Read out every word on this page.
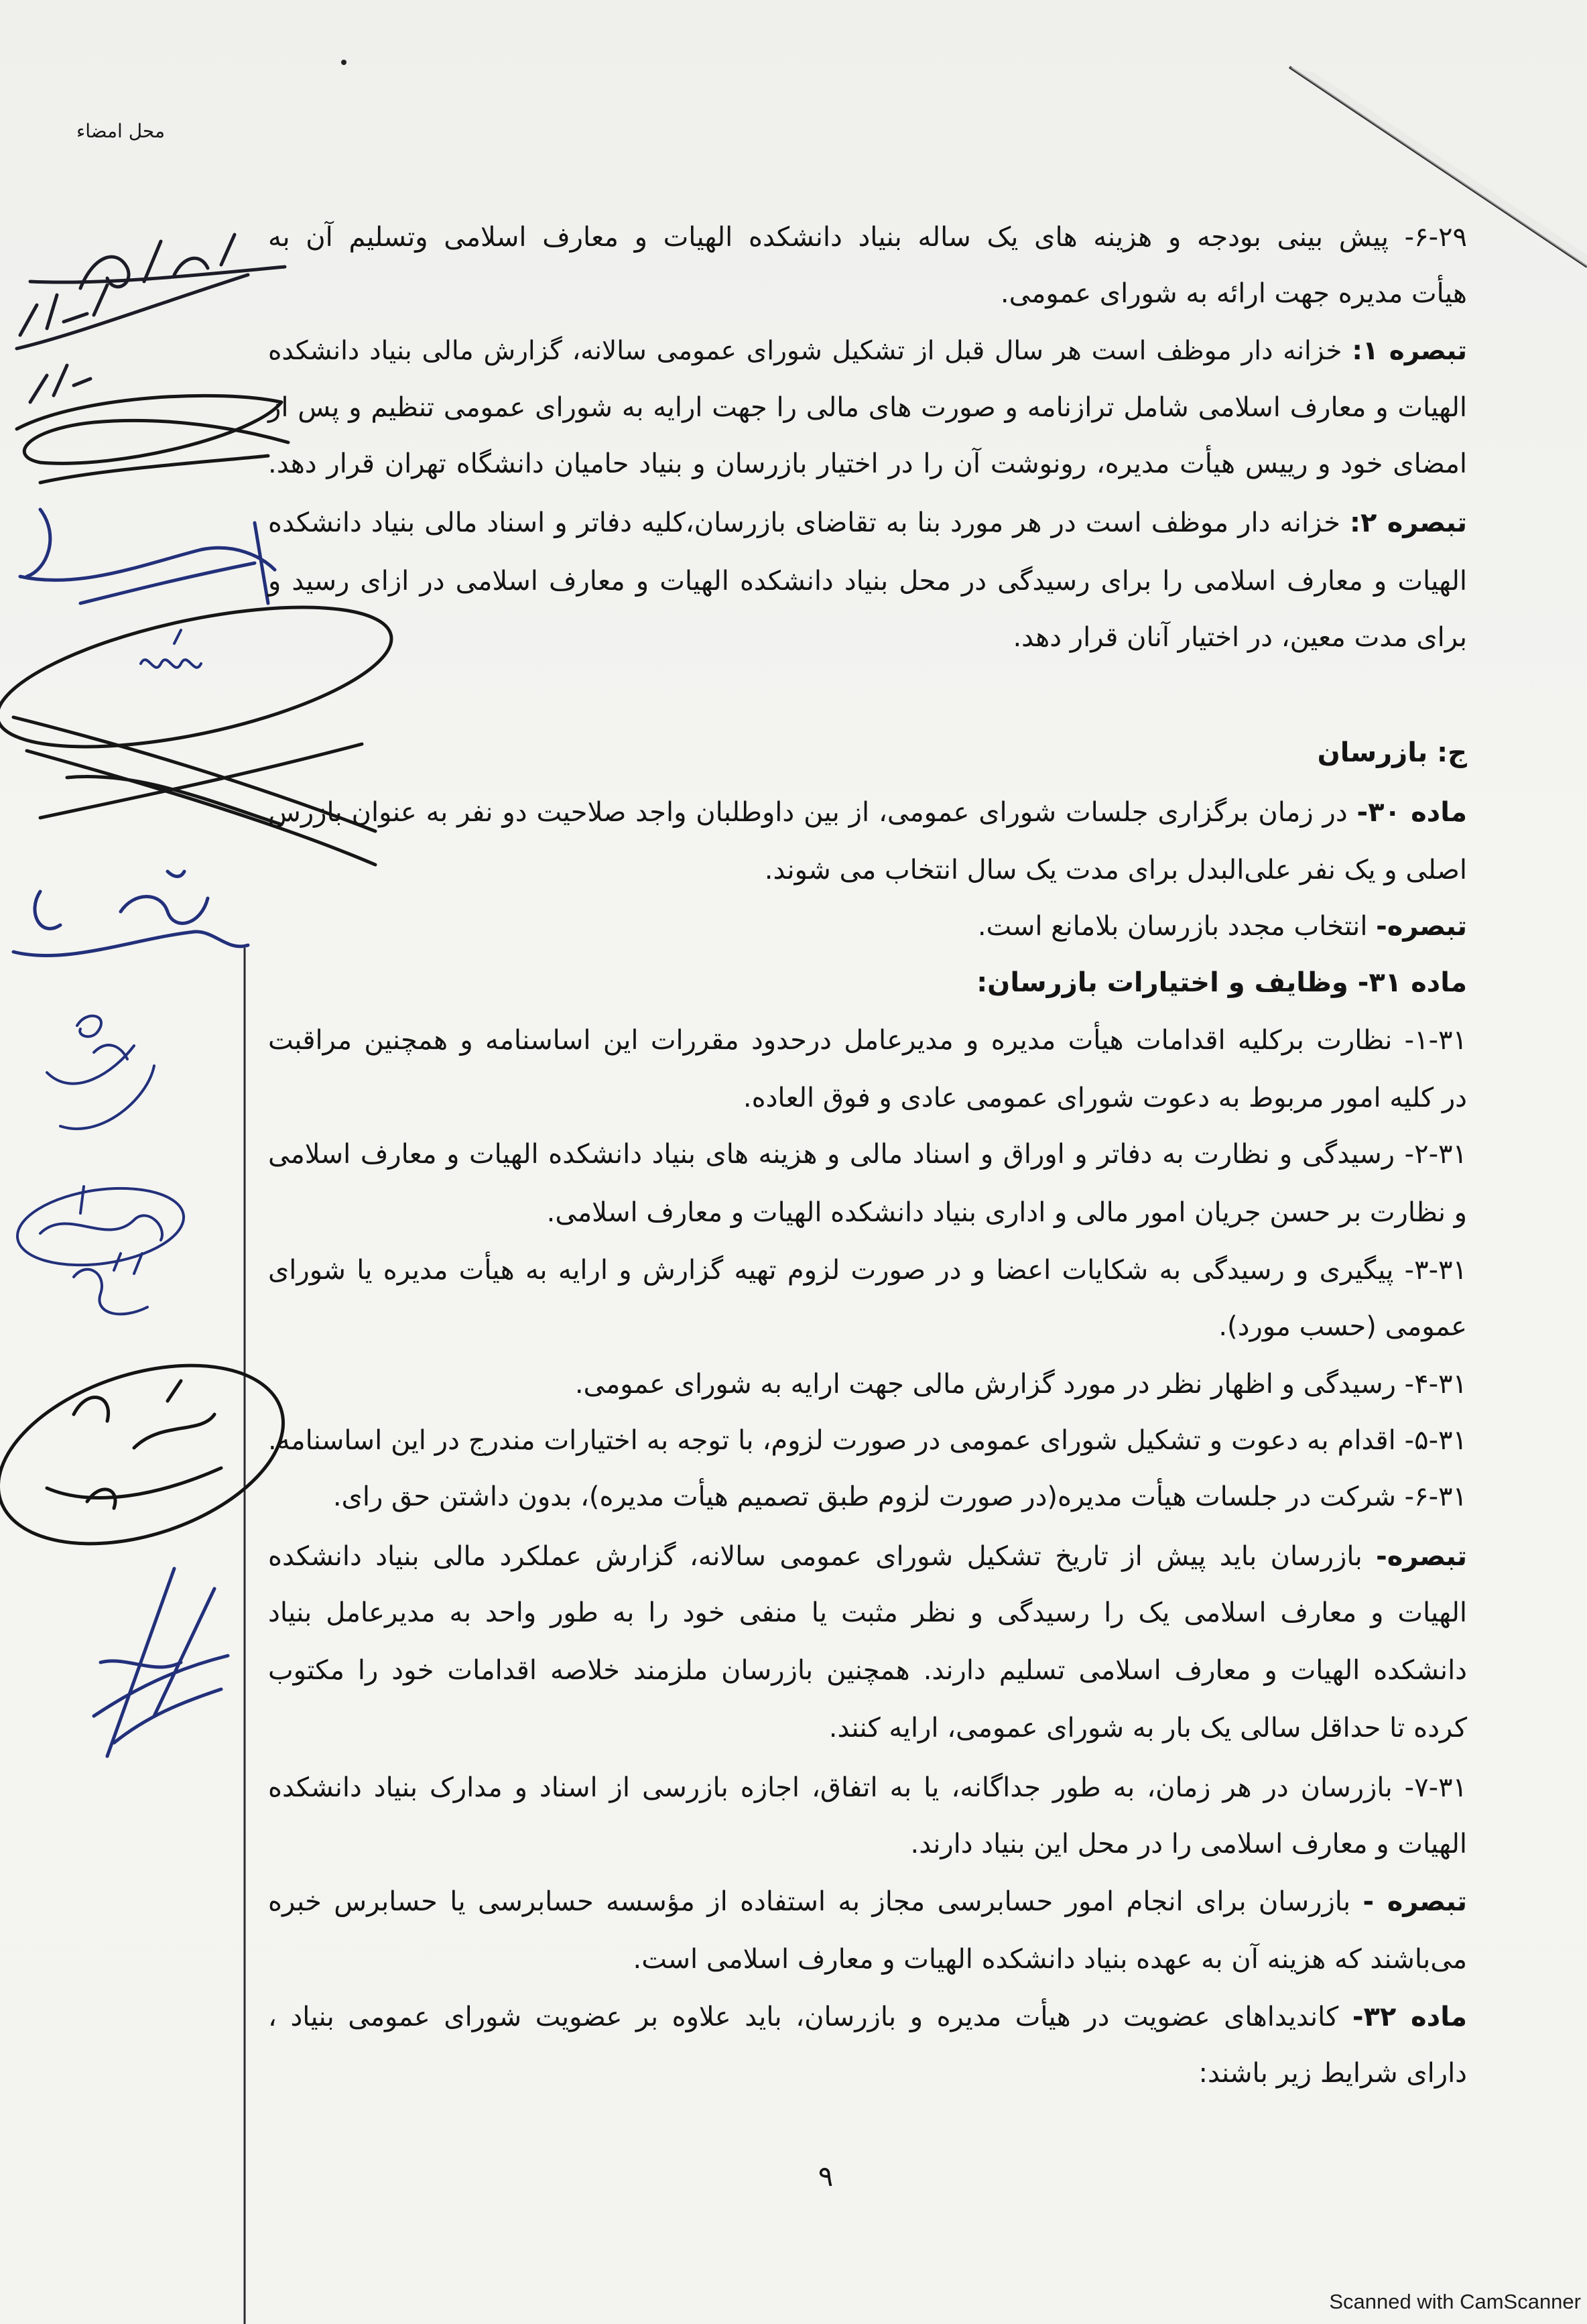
محل امضاء
۶-۲۹- پیش بینی بودجه و هزینه های یک ساله بنیاد دانشکده الهیات و معارف اسلامی وتسلیم آن به
هیأت مدیره جهت ارائه به شورای عمومی.
تبصره ۱: خزانه دار موظف است هر سال قبل از تشکیل شورای عمومی سالانه، گزارش مالی بنیاد دانشکده
الهیات و معارف اسلامی شامل ترازنامه و صورت های مالی را جهت ارایه به شورای عمومی تنظیم و پس از
امضای خود و رییس هیأت مدیره، رونوشت آن را در اختیار بازرسان و بنیاد حامیان دانشگاه تهران قرار دهد.
تبصره ۲: خزانه دار موظف است در هر مورد بنا به تقاضای بازرسان،کلیه دفاتر و اسناد مالی بنیاد دانشکده
الهیات و معارف اسلامی را برای رسیدگی در محل بنیاد دانشکده الهیات و معارف اسلامی در ازای رسید و
برای مدت معین، در اختیار آنان قرار دهد.
ج: بازرسان
ماده ۳۰- در زمان برگزاری جلسات شورای عمومی، از بین داوطلبان واجد صلاحیت دو نفر به عنوان بازرس
اصلی و یک نفر علی‌البدل برای مدت یک سال انتخاب می شوند.
تبصره- انتخاب مجدد بازرسان بلامانع است.
ماده ۳۱- وظایف و اختیارات بازرسان:
۱-۳۱- نظارت برکلیه اقدامات هیأت مدیره و مدیرعامل درحدود مقررات این اساسنامه و همچنین مراقبت
در کلیه امور مربوط به دعوت شورای عمومی عادی و فوق العاده.
۲-۳۱- رسیدگی و نظارت به دفاتر و اوراق و اسناد مالی و هزینه های بنیاد دانشکده الهیات و معارف اسلامی
و نظارت بر حسن جریان امور مالی و اداری بنیاد دانشکده الهیات و معارف اسلامی.
۳-۳۱- پیگیری و رسیدگی به شکایات اعضا و در صورت لزوم تهیه گزارش و ارایه به هیأت مدیره یا شورای
عمومی (حسب مورد).
۴-۳۱- رسیدگی و اظهار نظر در مورد گزارش مالی جهت ارایه به شورای عمومی.
۵-۳۱- اقدام به دعوت و تشکیل شورای عمومی در صورت لزوم، با توجه به اختیارات مندرج در این اساسنامه.
۶-۳۱- شرکت در جلسات هیأت مدیره(در صورت لزوم طبق تصمیم هیأت مدیره)، بدون داشتن حق رای.
تبصره- بازرسان باید پیش از تاریخ تشکیل شورای عمومی سالانه، گزارش عملکرد مالی بنیاد دانشکده
الهیات و معارف اسلامی یک را رسیدگی و نظر مثبت یا منفی خود را به طور واحد به مدیرعامل بنیاد
دانشکده الهیات و معارف اسلامی تسلیم دارند. همچنین بازرسان ملزمند خلاصه اقدامات خود را مکتوب
کرده تا حداقل سالی یک بار به شورای عمومی، ارایه کنند.
۷-۳۱- بازرسان در هر زمان، به طور جداگانه، یا به اتفاق، اجازه بازرسی از اسناد و مدارک بنیاد دانشکده
الهیات و معارف اسلامی را در محل این بنیاد دارند.
تبصره - بازرسان برای انجام امور حسابرسی مجاز به استفاده از مؤسسه حسابرسی یا حسابرس خبره
می‌باشند که هزینه آن به عهده بنیاد دانشکده الهیات و معارف اسلامی است.
ماده ۳۲- کاندیداهای عضویت در هیأت مدیره و بازرسان، باید علاوه بر عضویت شورای عمومی بنیاد ،
دارای شرایط زیر باشند:
۹
Scanned with CamScanner
